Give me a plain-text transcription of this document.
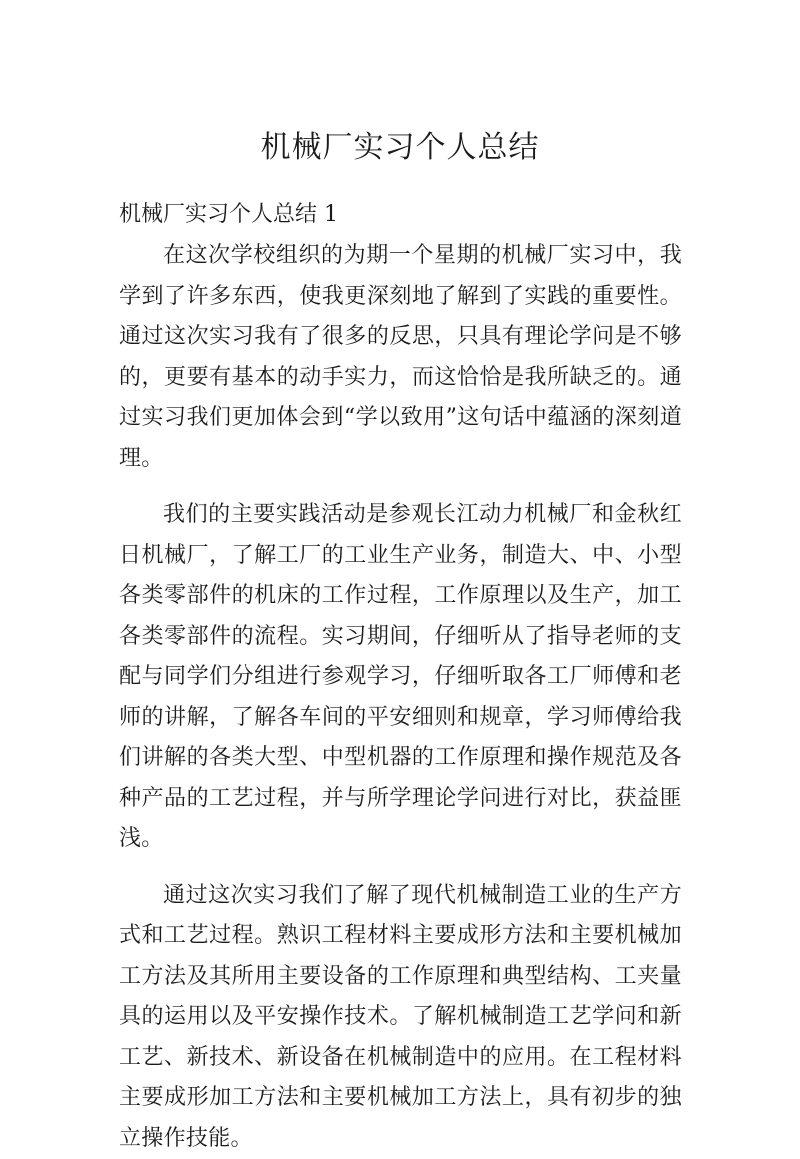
机械厂实习个人总结
机械厂实习个人总结 1

在这次学校组织的为期一个星期的机械厂实习中，我学到了许多东西，使我更深刻地了解到了实践的重要性。通过这次实习我有了很多的反思，只具有理论学问是不够的，更要有基本的动手实力，而这恰恰是我所缺乏的。通过实习我们更加体会到“学以致用”这句话中蕴涵的深刻道理。

我们的主要实践活动是参观长江动力机械厂和金秋红日机械厂，了解工厂的工业生产业务，制造大、中、小型各类零部件的机床的工作过程，工作原理以及生产，加工各类零部件的流程。实习期间，仔细听从了指导老师的支配与同学们分组进行参观学习，仔细听取各工厂师傅和老师的讲解，了解各车间的平安细则和规章，学习师傅给我们讲解的各类大型、中型机器的工作原理和操作规范及各种产品的工艺过程，并与所学理论学问进行对比，获益匪浅。

通过这次实习我们了解了现代机械制造工业的生产方式和工艺过程。熟识工程材料主要成形方法和主要机械加工方法及其所用主要设备的工作原理和典型结构、工夹量具的运用以及平安操作技术。了解机械制造工艺学问和新工艺、新技术、新设备在机械制造中的应用。在工程材料主要成形加工方法和主要机械加工方法上，具有初步的独立操作技能。
